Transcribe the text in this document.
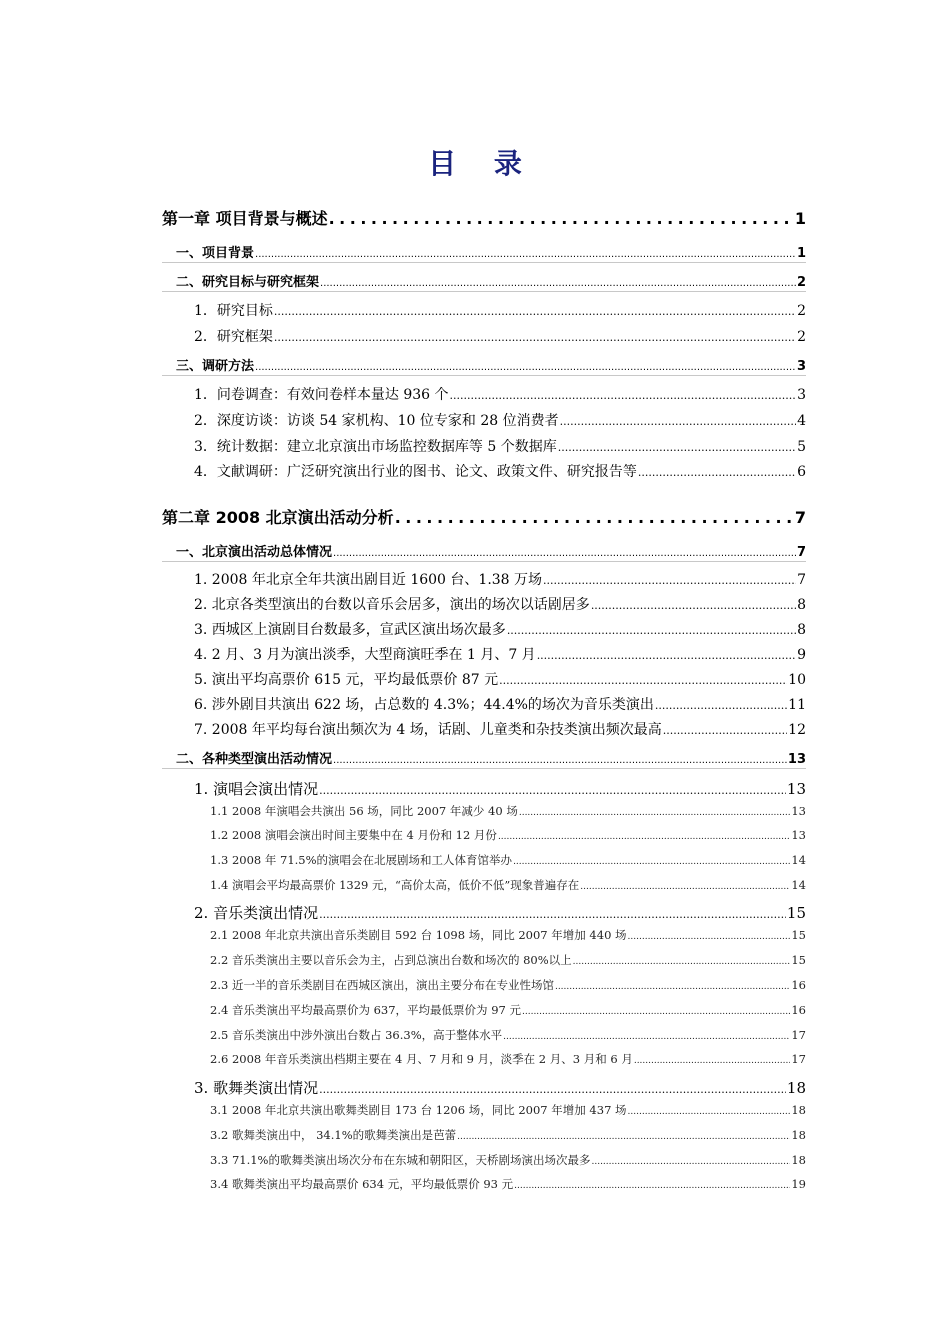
目 录
第一章 项目背景与概述 .....	1
一、项目背景 .....	1
二、研究目标与研究框架 .....	2
1．研究目标 .....	2
2．研究框架 .....	2
三、调研方法 .....	3
1．问卷调查：有效问卷样本量达 936 个 .....	3
2．深度访谈：访谈 54 家机构、10 位专家和 28 位消费者 .....	4
3．统计数据：建立北京演出市场监控数据库等 5 个数据库 .....	5
4．文献调研：广泛研究演出行业的图书、论文、政策文件、研究报告等 .....	6
第二章 2008 北京演出活动分析 .....	7
一、北京演出活动总体情况 .....	7
1. 2008 年北京全年共演出剧目近 1600 台、1.38 万场 .....	7
2. 北京各类型演出的台数以音乐会居多，演出的场次以话剧居多 .....	8
3. 西城区上演剧目台数最多，宣武区演出场次最多 .....	8
4. 2 月、3 月为演出淡季，大型商演旺季在 1 月、7 月 .....	9
5. 演出平均高票价 615 元，平均最低票价 87 元 .....	10
6. 涉外剧目共演出 622 场，占总数的 4.3%；44.4%的场次为音乐类演出 .....	11
7. 2008 年平均每台演出频次为 4 场，话剧、儿童类和杂技类演出频次最高 .....	12
二、各种类型演出活动情况 .....	13
1. 演唱会演出情况 .....	13
1.1 2008 年演唱会共演出 56 场，同比 2007 年减少 40 场 .....	13
1.2 2008 演唱会演出时间主要集中在 4 月份和 12 月份 .....	13
1.3 2008 年 71.5%的演唱会在北展剧场和工人体育馆举办 .....	14
1.4 演唱会平均最高票价 1329 元，“高价太高，低价不低”现象普遍存在 .....	14
2. 音乐类演出情况 .....	15
2.1 2008 年北京共演出音乐类剧目 592 台 1098 场，同比 2007 年增加 440 场 .....	15
2.2 音乐类演出主要以音乐会为主，占到总演出台数和场次的 80%以上 .....	15
2.3 近一半的音乐类剧目在西城区演出，演出主要分布在专业性场馆 .....	16
2.4 音乐类演出平均最高票价为 637，平均最低票价为 97 元 .....	16
2.5 音乐类演出中涉外演出台数占 36.3%，高于整体水平 .....	17
2.6 2008 年音乐类演出档期主要在 4 月、7 月和 9 月，淡季在 2 月、3 月和 6 月 .....	17
3. 歌舞类演出情况 .....	18
3.1 2008 年北京共演出歌舞类剧目 173 台 1206 场，同比 2007 年增加 437 场 .....	18
3.2 歌舞类演出中， 34.1%的歌舞类演出是芭蕾 .....	18
3.3 71.1%的歌舞类演出场次分布在东城和朝阳区，天桥剧场演出场次最多 .....	18
3.4 歌舞类演出平均最高票价 634 元，平均最低票价 93 元 .....	19
